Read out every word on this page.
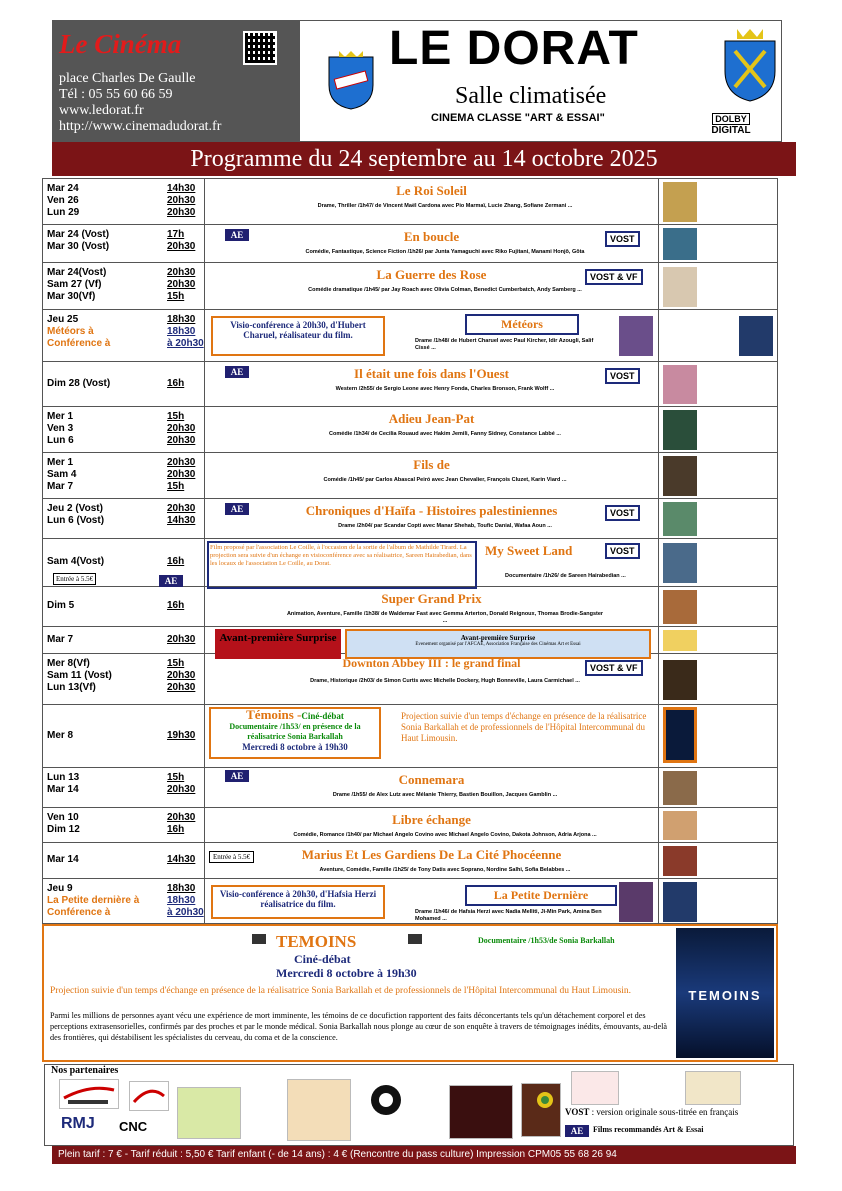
Le Cinéma
place Charles De Gaulle
Tél : 05 55 60 66 59
www.ledorat.fr
http://www.cinemadudorat.fr
LE DORAT
Salle climatisée
CINEMA CLASSE "ART & ESSAI"	DOLBY
DIGITAL
Programme du 24 septembre au 14 octobre 2025
Mar 24	14h30
Ven 26	20h30
Lun 29	20h30
Le Roi Soleil
Drame, Thriller /1h47/ de Vincent Maël Cardona avec Pio Marmaï, Lucie Zhang, Sofiane Zermani ...
Mar 24 (Vost)	17h
Mar 30 (Vost)	20h30
En boucle
Comédie, Fantastique, Science Fiction /1h26/ par Junta Yamaguchi avec Riko Fujitani, Manami Honjô, Gôta
VOST
AE
Mar 24(Vost)	20h30
Sam 27 (Vf)	20h30
Mar 30(Vf)	15h
La Guerre des Rose
Comédie dramatique /1h45/ par Jay Roach avec Olivia Colman, Benedict Cumberbatch, Andy Samberg ...
VOST & VF
Jeu 25	18h30
Météors à	18h30
Conférence à	à 20h30
Visio-conférence à 20h30, d'Hubert Charuel, réalisateur du film.
Météors
Drame /1h48/ de Hubert Charuel avec Paul Kircher, Idir Azougli, Salif Cissé ...
Dim 28 (Vost)	16h
Il était une fois dans l'Ouest
Western /2h55/ de Sergio Leone avec Henry Fonda, Charles Bronson, Frank Wolff ...
VOST
AE
Mer 1	15h
Ven 3	20h30
Lun 6	20h30
Adieu Jean-Pat
Comédie /1h34/ de Cecilia Rouaud avec Hakim Jemili, Fanny Sidney, Constance Labbé ...
Mer 1	20h30
Sam 4	20h30
Mar 7	15h
Fils de
Comédie /1h45/ par Carlos Abascal Peiró avec Jean Chevalier, François Cluzet, Karin Viard ...
Jeu 2 (Vost)	20h30
Lun 6 (Vost)	14h30
Chroniques d'Haïfa - Histoires palestiniennes
Drame /2h04/ par Scandar Copti avec Manar Shehab, Toufic Danial, Wafaa Aoun ...
VOST
AE
Sam 4(Vost)	16h
Entrée à 5.5€	AE
Film proposé par l'association Le Coille, à l'occasion de la sortie de l'album de Mathilde Tirard. La projection sera suivie d'un échange en visioconférence avec sa réalisatrice, Sareen Hairabedian, dans les locaux de l'association Le Coille, au Dorat.
My Sweet Land
Documentaire /1h26/ de Sareen Hairabedian ...
VOST
Dim 5	16h	Super Grand Prix
Animation, Aventure, Famille /1h38/ de Waldemar Fast avec Gemma Arterton, Donald Reignoux, Thomas Brodie-Sangster ...
Mar 7	20h30	Avant-première Surprise	Avant-première Surprise
Evenement organisé par l'AFCAE, Association Française des Cinémas Art et Essai
Mer 8(Vf)	15h
Sam 11 (Vost)	20h30
Lun 13(Vf)	20h30
Downton Abbey III : le grand final
Drame, Historique /2h03/ de Simon Curtis avec Michelle Dockery, Hugh Bonneville, Laura Carmichael ...
VOST & VF
Mer 8	19h30
Témoins -Ciné-débat
Documentaire /1h53/ en présence de la réalisatrice Sonia Barkallah
Mercredi 8 octobre à 19h30
Projection suivie d'un temps d'échange en présence de la réalisatrice Sonia Barkallah et de professionnels de l'Hôpital Intercommunal du Haut Limousin.
Lun 13	15h
Mar 14	20h30
Connemara
Drame /1h55/ de Alex Lutz avec Mélanie Thierry, Bastien Bouillon, Jacques Gamblin ...
AE
Ven 10	20h30
Dim 12	16h
Libre échange
Comédie, Romance /1h40/ par Michael Angelo Covino avec Michael Angelo Covino, Dakota Johnson, Adria Arjona ...
Mar 14	14h30	Entrée à 5.5€	Marius Et Les Gardiens De La Cité Phocéenne
Aventure, Comédie, Famille /1h25/ de Tony Datis avec Soprano, Nordine Salhi, Sofia Belabbes ...
Jeu 9	18h30
La Petite dernière à	18h30
Conférence à	à 20h30
Visio-conférence à 20h30, d'Hafsia Herzi réalisatrice du film.
La Petite Dernière
Drame /1h46/ de Hafsia Herzi avec Nadia Melliti, Ji-Min Park, Amina Ben Mohamed ...
TEMOINS
Ciné-débat
Mercredi 8 octobre à 19h30
Documentaire /1h53/de Sonia Barkallah
Projection suivie d'un temps d'échange en présence de la réalisatrice Sonia Barkallah et de professionnels de l'Hôpital Intercommunal du Haut Limousin.
Parmi les millions de personnes ayant vécu une expérience de mort imminente, les témoins de ce docufiction rapportent des faits déconcertants tels qu'un détachement corporel et des perceptions extrasensorielles, confirmés par des proches et par le monde médical. Sonia Barkallah nous plonge au cœur de son enquête à travers de témoignages inédits, émouvants, au-delà des frontières, qui déstabilisent les spécialistes du cerveau, du coma et de la conscience.
TEMOINS
Nos partenaires
RMJ CNC
VOST : version originale sous-titrée en français
AE	Films recommandés Art & Essai
Plein tarif : 7 € - Tarif réduit : 5,50 € Tarif enfant (- de 14 ans) : 4 € (Rencontre du pass culture) Impression CPM05 55 68 26 94
